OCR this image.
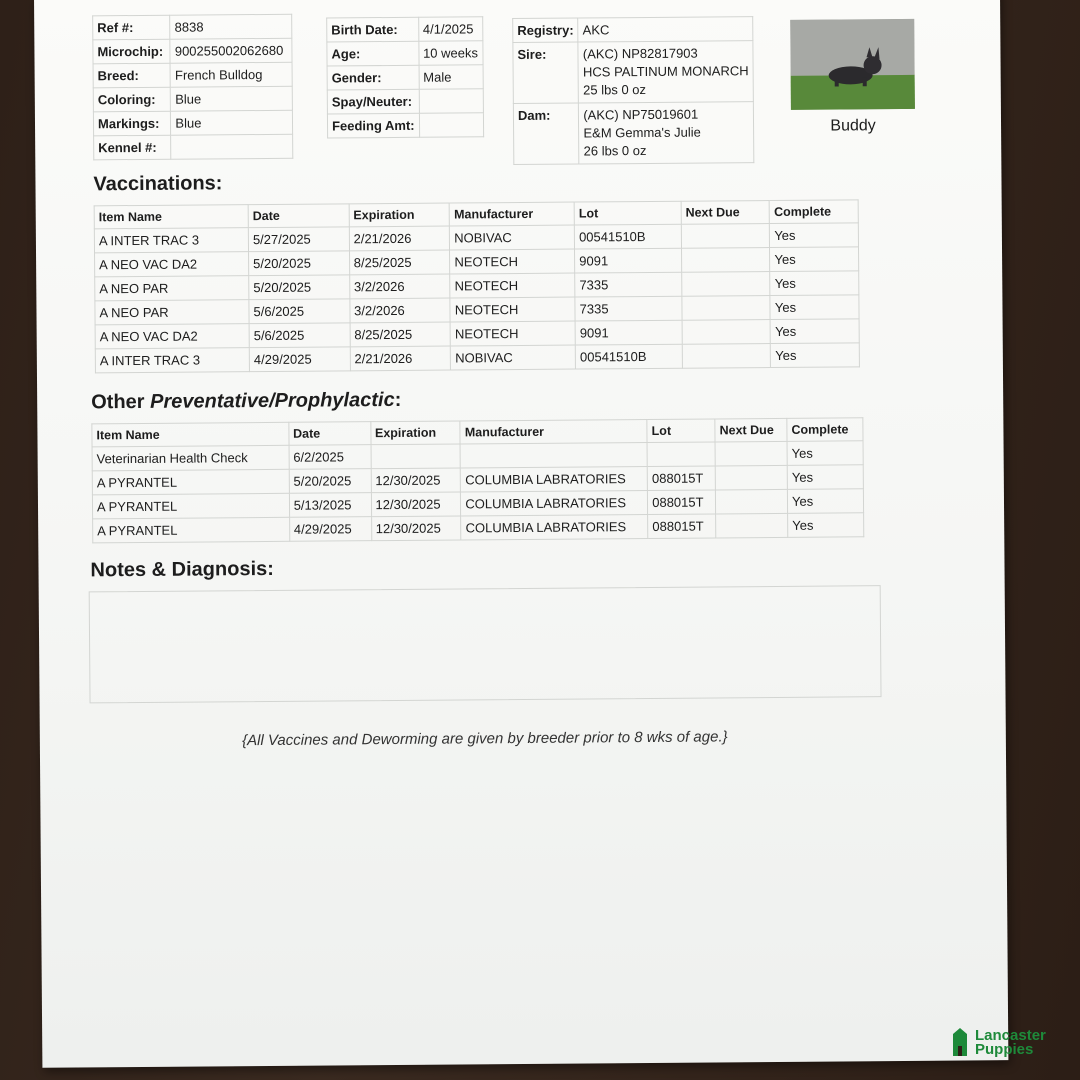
Ref #:	8838
Microchip:	900255002062680
Breed:	French Bulldog
Coloring:	Blue
Markings:	Blue
Kennel #:	
Birth Date:	4/1/2025
Age:	10 weeks
Gender:	Male
Spay/Neuter:	
Feeding Amt:	
Registry:	AKC
Sire:	(AKC) NP82817903
HCS PALTINUM MONARCH
25 lbs 0 oz

Dam:	(AKC) NP75019601
E&M Gemma's Julie
26 lbs 0 oz
Buddy
Vaccinations:
Item Name	Date	Expiration	Manufacturer	Lot	Next Due	Complete
A INTER TRAC 3	5/27/2025	2/21/2026	NOBIVAC	00541510B		Yes
A NEO VAC DA2	5/20/2025	8/25/2025	NEOTECH	9091		Yes
A NEO PAR	5/20/2025	3/2/2026	NEOTECH	7335		Yes
A NEO PAR	5/6/2025	3/2/2026	NEOTECH	7335		Yes
A NEO VAC DA2	5/6/2025	8/25/2025	NEOTECH	9091		Yes
A INTER TRAC 3	4/29/2025	2/21/2026	NOBIVAC	00541510B		Yes
Other Preventative/Prophylactic:
Item Name	Date	Expiration	Manufacturer	Lot	Next Due	Complete
Veterinarian Health Check	6/2/2025					Yes
A PYRANTEL	5/20/2025	12/30/2025	COLUMBIA LABRATORIES	088015T		Yes
A PYRANTEL	5/13/2025	12/30/2025	COLUMBIA LABRATORIES	088015T		Yes
A PYRANTEL	4/29/2025	12/30/2025	COLUMBIA LABRATORIES	088015T		Yes
Notes & Diagnosis:
{All Vaccines and Deworming are given by breeder prior to 8 wks of age.}
Lancaster
Puppies
